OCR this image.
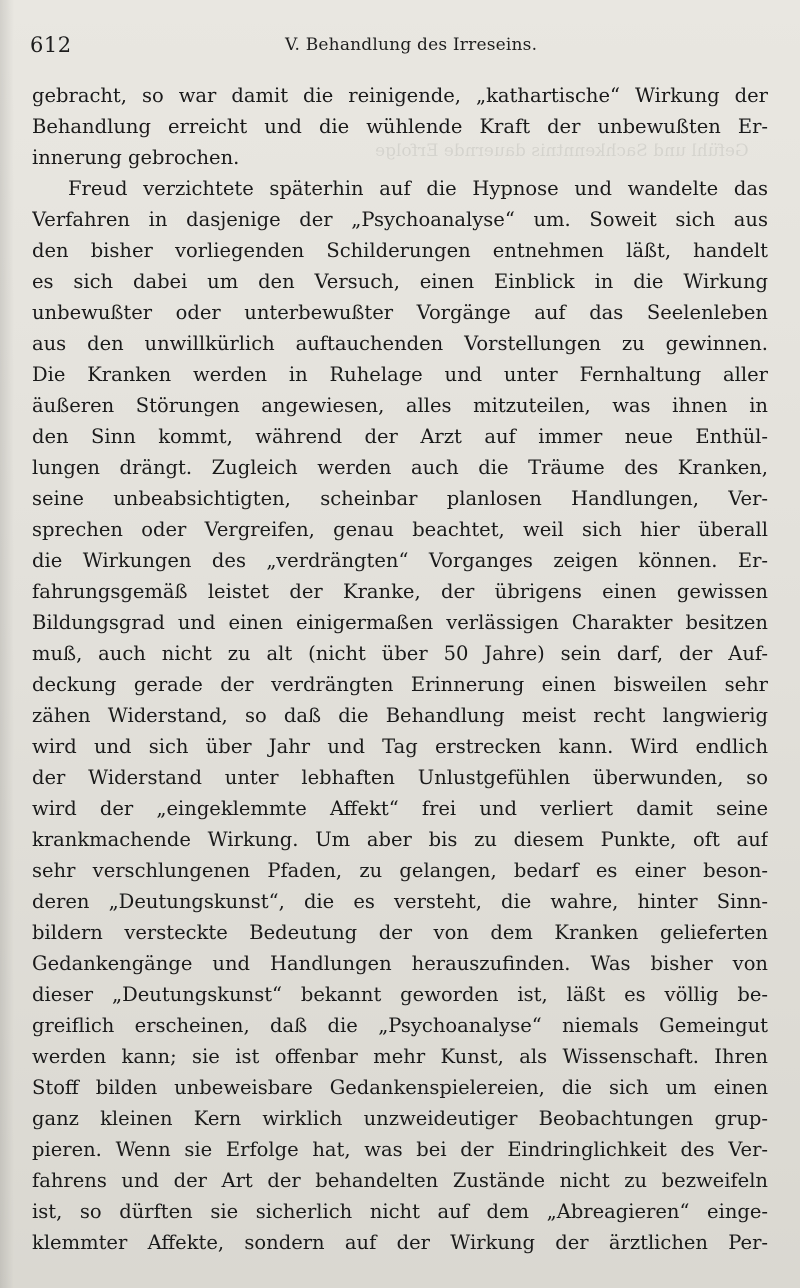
Gefühl und Sachkenntnis dauernde Erfolge
612	V. Behandlung des Irreseins.
gebracht, so war damit die reinigende, „kathartische“ Wirkung der
Behandlung erreicht und die wühlende Kraft der unbewußten Er-
innerung gebrochen.
Freud verzichtete späterhin auf die Hypnose und wandelte das
Verfahren in dasjenige der „Psychoanalyse“ um. Soweit sich aus
den bisher vorliegenden Schilderungen entnehmen läßt, handelt
es sich dabei um den Versuch, einen Einblick in die Wirkung
unbewußter oder unterbewußter Vorgänge auf das Seelenleben
aus den unwillkürlich auftauchenden Vorstellungen zu gewinnen.
Die Kranken werden in Ruhelage und unter Fernhaltung aller
äußeren Störungen angewiesen, alles mitzuteilen, was ihnen in
den Sinn kommt, während der Arzt auf immer neue Enthül-
lungen drängt. Zugleich werden auch die Träume des Kranken,
seine unbeabsichtigten, scheinbar planlosen Handlungen, Ver-
sprechen oder Vergreifen, genau beachtet, weil sich hier überall
die Wirkungen des „verdrängten“ Vorganges zeigen können. Er-
fahrungsgemäß leistet der Kranke, der übrigens einen gewissen
Bildungsgrad und einen einigermaßen verlässigen Charakter besitzen
muß, auch nicht zu alt (nicht über 50 Jahre) sein darf, der Auf-
deckung gerade der verdrängten Erinnerung einen bisweilen sehr
zähen Widerstand, so daß die Behandlung meist recht langwierig
wird und sich über Jahr und Tag erstrecken kann. Wird endlich
der Widerstand unter lebhaften Unlustgefühlen überwunden, so
wird der „eingeklemmte Affekt“ frei und verliert damit seine
krankmachende Wirkung. Um aber bis zu diesem Punkte, oft auf
sehr verschlungenen Pfaden, zu gelangen, bedarf es einer beson-
deren „Deutungskunst“, die es versteht, die wahre, hinter Sinn-
bildern versteckte Bedeutung der von dem Kranken gelieferten
Gedankengänge und Handlungen herauszufinden. Was bisher von
dieser „Deutungskunst“ bekannt geworden ist, läßt es völlig be-
greiflich erscheinen, daß die „Psychoanalyse“ niemals Gemeingut
werden kann; sie ist offenbar mehr Kunst, als Wissenschaft. Ihren
Stoff bilden unbeweisbare Gedankenspielereien, die sich um einen
ganz kleinen Kern wirklich unzweideutiger Beobachtungen grup-
pieren. Wenn sie Erfolge hat, was bei der Eindringlichkeit des Ver-
fahrens und der Art der behandelten Zustände nicht zu bezweifeln
ist, so dürften sie sicherlich nicht auf dem „Abreagieren“ einge-
klemmter Affekte, sondern auf der Wirkung der ärztlichen Per-
